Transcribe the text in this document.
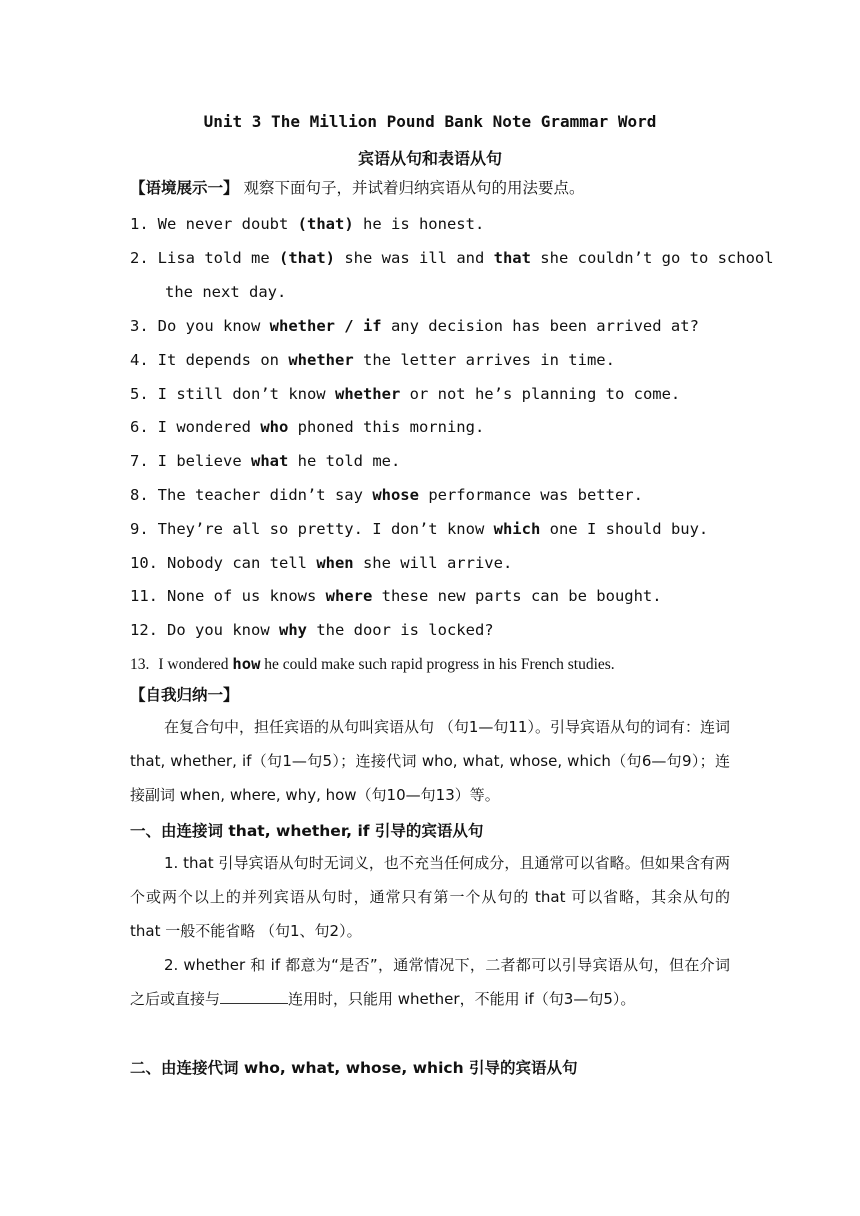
Unit 3 The Million Pound Bank Note Grammar Word
宾语从句和表语从句
【语境展示一】 观察下面句子，并试着归纳宾语从句的用法要点。
1. We never doubt (that) he is honest.
2. Lisa told me (that) she was ill and that she couldn’t go to school
the next day.
3. Do you know whether / if any decision has been arrived at?
4. It depends on whether the letter arrives in time.
5. I still don’t know whether or not he’s planning to come.
6. I wondered who phoned this morning.
7. I believe what he told me.
8. The teacher didn’t say whose performance was better.
9. They’re all so pretty. I don’t know which one I should buy.
10. Nobody can tell when she will arrive.
11. None of us knows where these new parts can be bought.
12. Do you know why the door is locked?
13. I wondered how he could make such rapid progress in his French studies.
【自我归纳一】
在复合句中，担任宾语的从句叫宾语从句 （句1—句11）。引导宾语从句的词有：连词 that, whether, if（句1—句5）；连接代词 who, what, whose, which（句6—句9）；连接副词 when, where, why, how（句10—句13）等。
一、由连接词 that, whether, if 引导的宾语从句
1. that 引导宾语从句时无词义，也不充当任何成分，且通常可以省略。但如果含有两个或两个以上的并列宾语从句时，通常只有第一个从句的 that 可以省略，其余从句的 that 一般不能省略 （句1、句2）。
2. whether 和 if 都意为“是否”，通常情况下，二者都可以引导宾语从句，但在介词之后或直接与	连用时，只能用 whether，不能用 if（句3—句5）。
二、由连接代词 who, what, whose, which 引导的宾语从句
